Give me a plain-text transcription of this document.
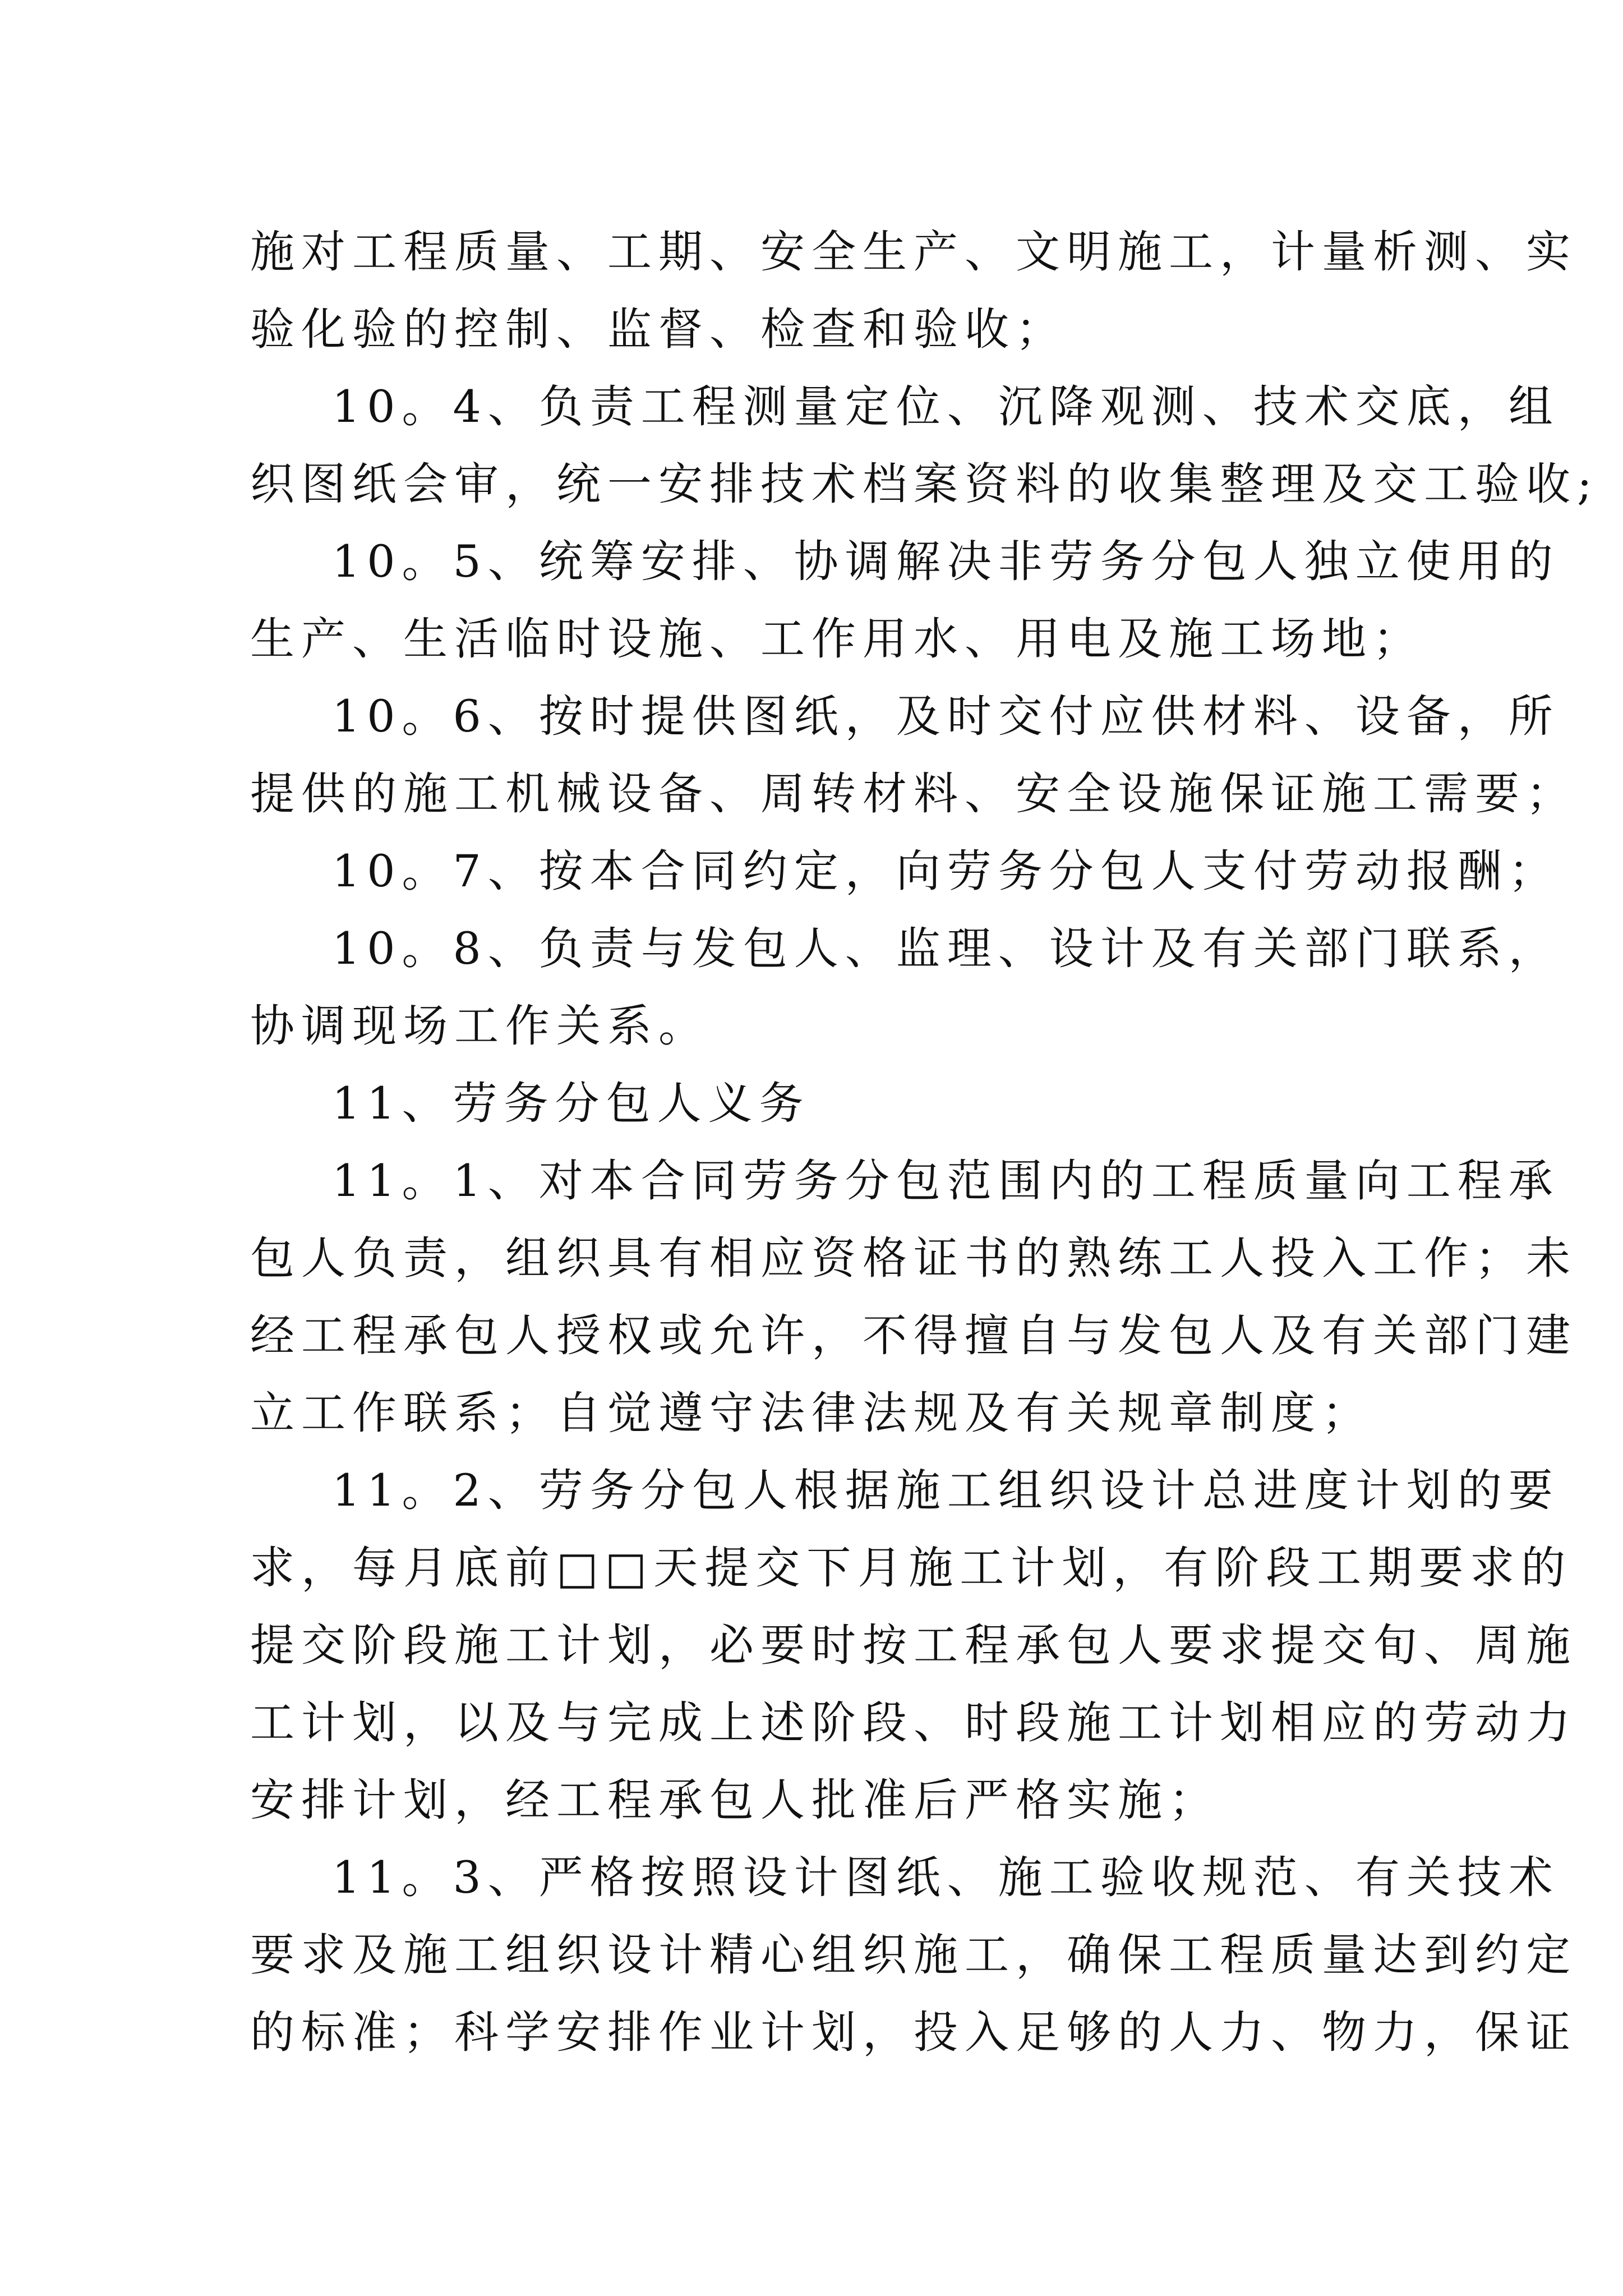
施对工程质量、工期、安全生产、文明施工，计量析测、实
验化验的控制、监督、检查和验收；
10。4、负责工程测量定位、沉降观测、技术交底，组
织图纸会审，统一安排技术档案资料的收集整理及交工验收;
10。5、统筹安排、协调解决非劳务分包人独立使用的
生产、生活临时设施、工作用水、用电及施工场地；
10。6、按时提供图纸，及时交付应供材料、设备，所
提供的施工机械设备、周转材料、安全设施保证施工需要；
10。7、按本合同约定，向劳务分包人支付劳动报酬；
10。8、负责与发包人、监理、设计及有关部门联系，
协调现场工作关系。
11、劳务分包人义务
11。1、对本合同劳务分包范围内的工程质量向工程承
包人负责，组织具有相应资格证书的熟练工人投入工作；未
经工程承包人授权或允许，不得擅自与发包人及有关部门建
立工作联系；自觉遵守法律法规及有关规章制度；
11。2、劳务分包人根据施工组织设计总进度计划的要
求，每月底前□□天提交下月施工计划，有阶段工期要求的
提交阶段施工计划，必要时按工程承包人要求提交旬、周施
工计划，以及与完成上述阶段、时段施工计划相应的劳动力
安排计划，经工程承包人批准后严格实施；
11。3、严格按照设计图纸、施工验收规范、有关技术
要求及施工组织设计精心组织施工，确保工程质量达到约定
的标准；科学安排作业计划，投入足够的人力、物力，保证
